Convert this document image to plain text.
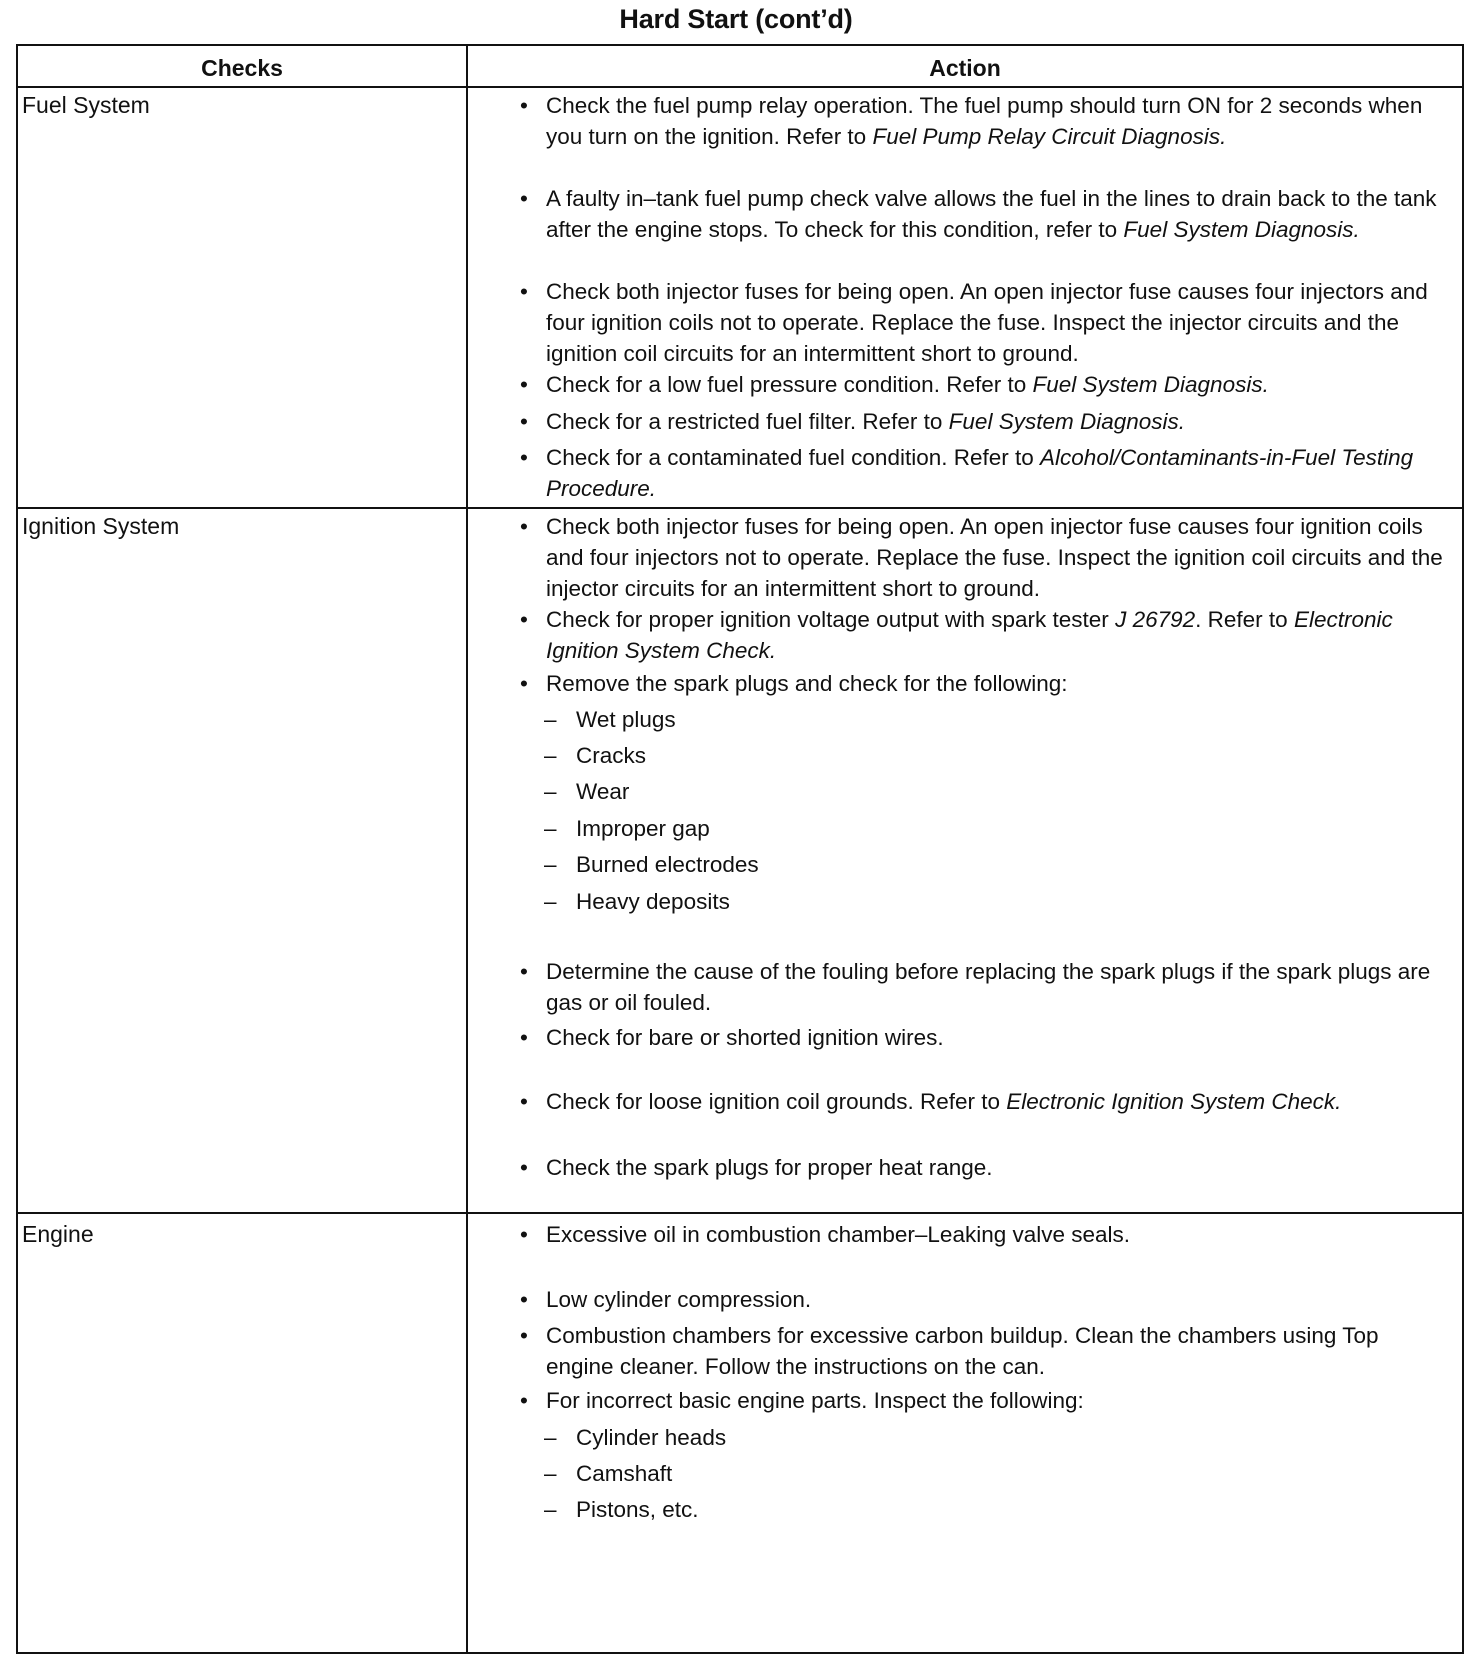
Hard Start (cont’d)
Checks	Action
Fuel System	• Check the fuel pump relay operation. The fuel pump should turn ON for 2 seconds when you turn on the ignition. Refer to Fuel Pump Relay Circuit Diagnosis.
• A faulty in–tank fuel pump check valve allows the fuel in the lines to drain back to the tank after the engine stops. To check for this condition, refer to Fuel System Diagnosis.
• Check both injector fuses for being open. An open injector fuse causes four injectors and four ignition coils not to operate. Replace the fuse. Inspect the injector circuits and the ignition coil circuits for an intermittent short to ground.
• Check for a low fuel pressure condition. Refer to Fuel System Diagnosis.
• Check for a restricted fuel filter. Refer to Fuel System Diagnosis.
• Check for a contaminated fuel condition. Refer to Alcohol/Contaminants-in-Fuel Testing Procedure.
Ignition System	• Check both injector fuses for being open. An open injector fuse causes four ignition coils and four injectors not to operate. Replace the fuse. Inspect the ignition coil circuits and the injector circuits for an intermittent short to ground.
• Check for proper ignition voltage output with spark tester J 26792. Refer to Electronic Ignition System Check.
• Remove the spark plugs and check for the following:
– Wet plugs
– Cracks
– Wear
– Improper gap
– Burned electrodes
– Heavy deposits
• Determine the cause of the fouling before replacing the spark plugs if the spark plugs are gas or oil fouled.
• Check for bare or shorted ignition wires.
• Check for loose ignition coil grounds. Refer to Electronic Ignition System Check.
• Check the spark plugs for proper heat range.
Engine	• Excessive oil in combustion chamber–Leaking valve seals.
• Low cylinder compression.
• Combustion chambers for excessive carbon buildup. Clean the chambers using Top engine cleaner. Follow the instructions on the can.
• For incorrect basic engine parts. Inspect the following:
– Cylinder heads
– Camshaft
– Pistons, etc.
